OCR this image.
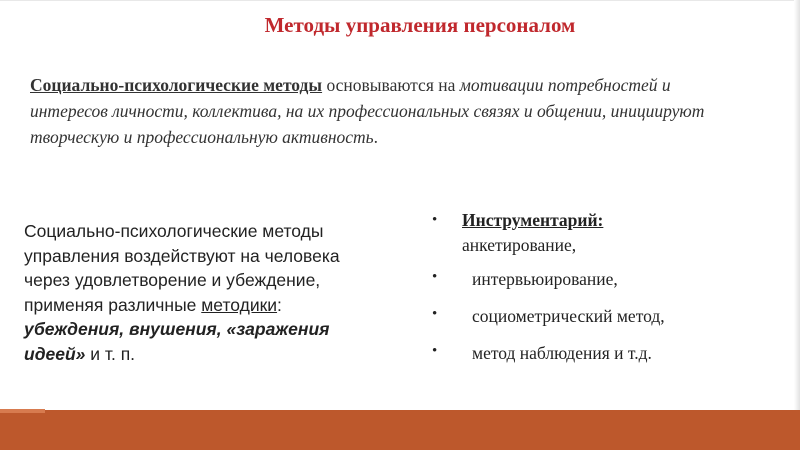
Методы управления персоналом
Социально-психологические методы основываются на мотивации потребностей и интересов личности, коллектива, на их профессиональных связях и общении, инициируют творческую и профессиональную активность.
Социально-психологические методы управления воздействуют на человека через удовлетворение и убеждение, применяя различные методики: убеждения, внушения, «заражения идеей» и т. п.
• Инструментарий:
анкетирование,
• интервьюирование,
• социометрический метод,
• метод наблюдения и т.д.
